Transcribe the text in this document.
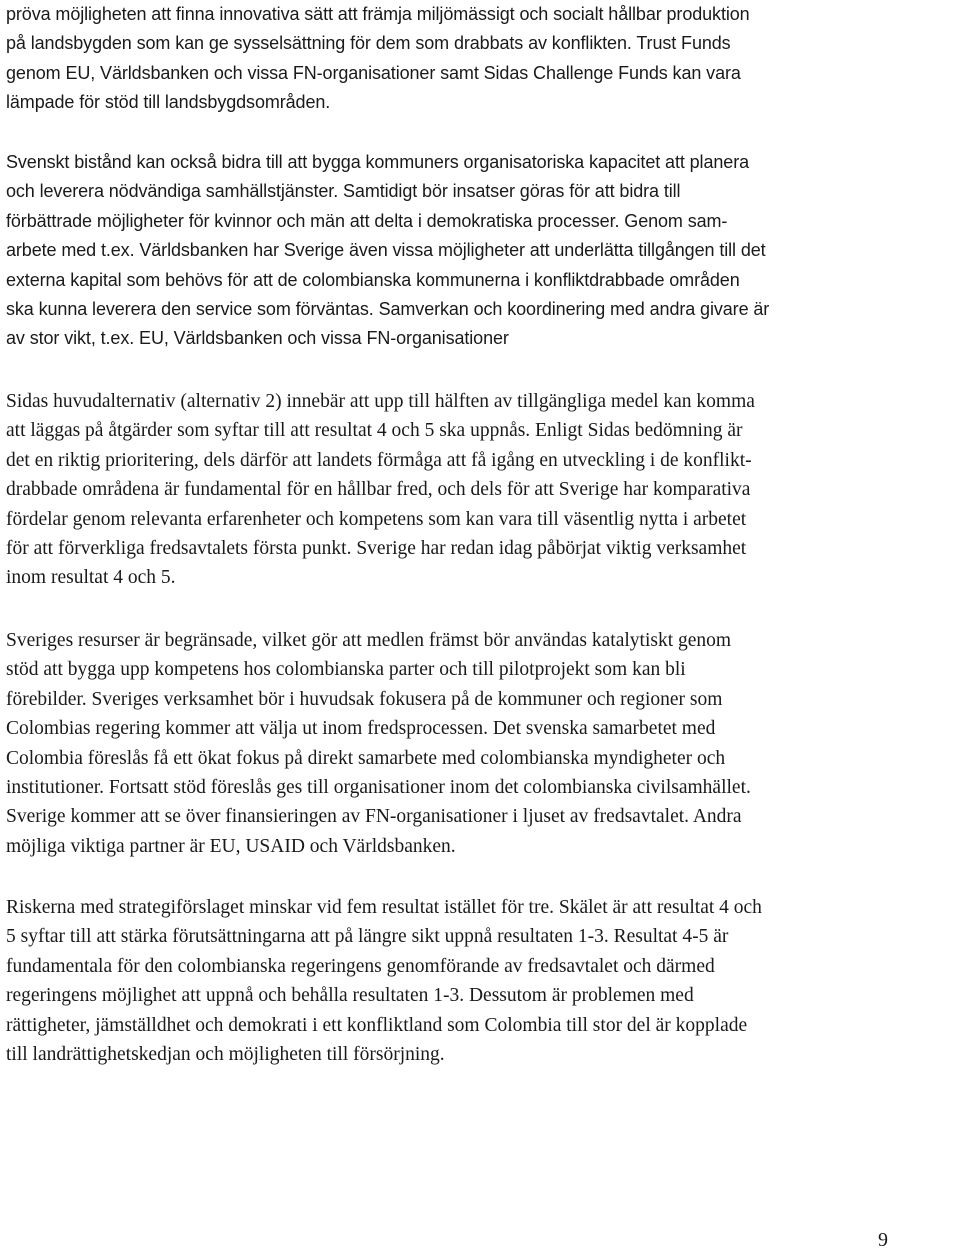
pröva möjligheten att finna innovativa sätt att främja miljömässigt och socialt hållbar produktion
på landsbygden som kan ge sysselsättning för dem som drabbats av konflikten. Trust Funds
genom EU, Världsbanken och vissa FN-organisationer samt Sidas Challenge Funds kan vara
lämpade för stöd till landsbygdsområden.
Svenskt bistånd kan också bidra till att bygga kommuners organisatoriska kapacitet att planera
och leverera nödvändiga samhällstjänster. Samtidigt bör insatser göras för att bidra till
förbättrade möjligheter för kvinnor och män att delta i demokratiska processer. Genom sam-
arbete med t.ex. Världsbanken har Sverige även vissa möjligheter att underlätta tillgången till det
externa kapital som behövs för att de colombianska kommunerna i konfliktdrabbade områden
ska kunna leverera den service som förväntas. Samverkan och koordinering med andra givare är
av stor vikt, t.ex. EU, Världsbanken och vissa FN-organisationer
Sidas huvudalternativ (alternativ 2) innebär att upp till hälften av tillgängliga medel kan komma
att läggas på åtgärder som syftar till att resultat 4 och 5 ska uppnås. Enligt Sidas bedömning är
det en riktig prioritering, dels därför att landets förmåga att få igång en utveckling i de konflikt-
drabbade områdena är fundamental för en hållbar fred, och dels för att Sverige har komparativa
fördelar genom relevanta erfarenheter och kompetens som kan vara till väsentlig nytta i arbetet
för att förverkliga fredsavtalets första punkt. Sverige har redan idag påbörjat viktig verksamhet
inom resultat 4 och 5.
Sveriges resurser är begränsade, vilket gör att medlen främst bör användas katalytiskt genom
stöd att bygga upp kompetens hos colombianska parter och till pilotprojekt som kan bli
förebilder. Sveriges verksamhet bör i huvudsak fokusera på de kommuner och regioner som
Colombias regering kommer att välja ut inom fredsprocessen. Det svenska samarbetet med
Colombia föreslås få ett ökat fokus på direkt samarbete med colombianska myndigheter och
institutioner. Fortsatt stöd föreslås ges till organisationer inom det colombianska civilsamhället.
Sverige kommer att se över finansieringen av FN-organisationer i ljuset av fredsavtalet. Andra
möjliga viktiga partner är EU, USAID och Världsbanken.
Riskerna med strategiförslaget minskar vid fem resultat istället för tre. Skälet är att resultat 4 och
5 syftar till att stärka förutsättningarna att på längre sikt uppnå resultaten 1-3. Resultat 4-5 är
fundamentala för den colombianska regeringens genomförande av fredsavtalet och därmed
regeringens möjlighet att uppnå och behålla resultaten 1-3. Dessutom är problemen med
rättigheter, jämställdhet och demokrati i ett konfliktland som Colombia till stor del är kopplade
till landrättighetskedjan och möjligheten till försörjning.
9
